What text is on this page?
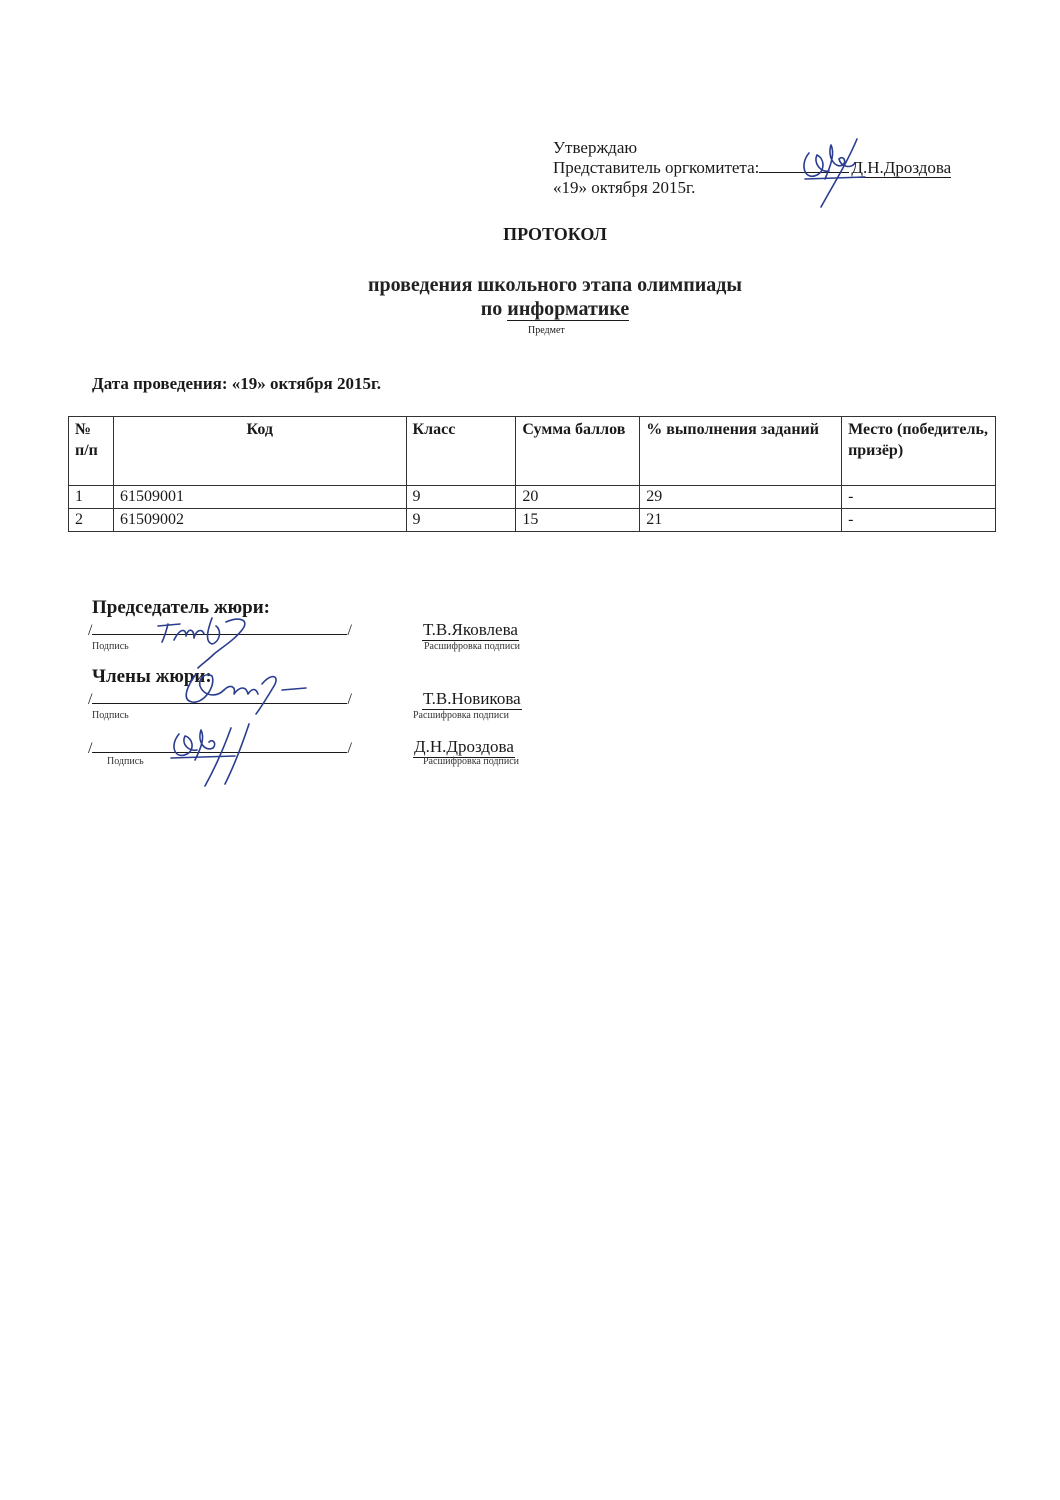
Утверждаю
Представитель оргкомитета:	Д.Н.Дроздова
«19» октября 2015г.
ПРОТОКОЛ
проведения школьного этапа олимпиады
по информатике
Предмет
Дата проведения: «19» октября 2015г.
№ п/п	Код	Класс	Сумма баллов	% выполнения заданий	Место (победитель, призёр)
1	61509001	9	20	29	-
2	61509002	9	15	21	-
Председатель жюри:
/	/
Подпись
Т.В.Яковлева
Расшифровка подписи
Члены жюри:
/	/
Подпись
Т.В.Новикова
Расшифровка подписи
/	/
Подпись
Д.Н.Дроздова
Расшифровка подписи
